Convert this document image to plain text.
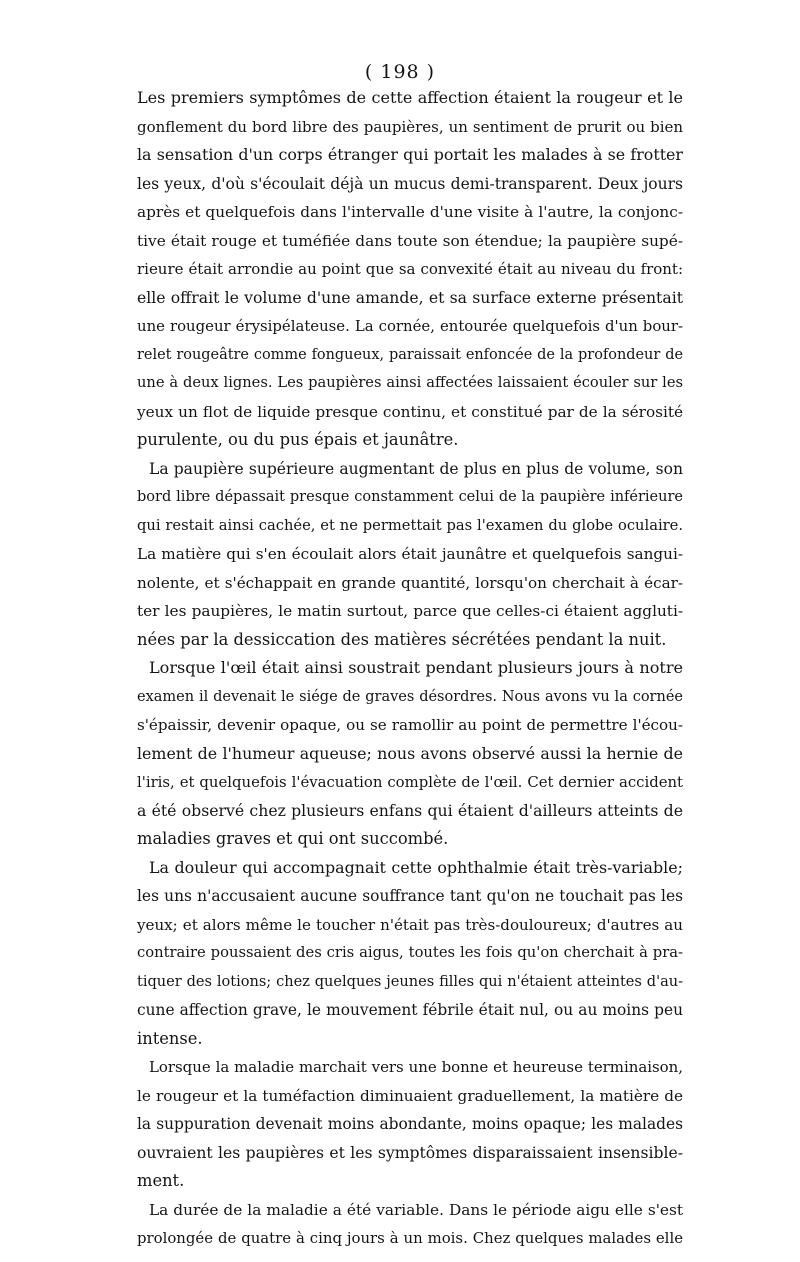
( 198 )
Les premiers symptômes de cette affection étaient la rougeur et le
gonflement du bord libre des paupières, un sentiment de prurit ou bien
la sensation d'un corps étranger qui portait les malades à se frotter
les yeux, d'où s'écoulait déjà un mucus demi-transparent. Deux jours
après et quelquefois dans l'intervalle d'une visite à l'autre, la conjonc-
tive était rouge et tuméfiée dans toute son étendue; la paupière supé-
rieure était arrondie au point que sa convexité était au niveau du front:
elle offrait le volume d'une amande, et sa surface externe présentait
une rougeur érysipélateuse. La cornée, entourée quelquefois d'un bour-
relet rougeâtre comme fongueux, paraissait enfoncée de la profondeur de
une à deux lignes. Les paupières ainsi affectées laissaient écouler sur les
yeux un flot de liquide presque continu, et constitué par de la sérosité
purulente, ou du pus épais et jaunâtre.
La paupière supérieure augmentant de plus en plus de volume, son
bord libre dépassait presque constamment celui de la paupière inférieure
qui restait ainsi cachée, et ne permettait pas l'examen du globe oculaire.
La matière qui s'en écoulait alors était jaunâtre et quelquefois sangui-
nolente, et s'échappait en grande quantité, lorsqu'on cherchait à écar-
ter les paupières, le matin surtout, parce que celles-ci étaient aggluti-
nées par la dessiccation des matières sécrétées pendant la nuit.
Lorsque l'œil était ainsi soustrait pendant plusieurs jours à notre
examen il devenait le siége de graves désordres. Nous avons vu la cornée
s'épaissir, devenir opaque, ou se ramollir au point de permettre l'écou-
lement de l'humeur aqueuse; nous avons observé aussi la hernie de
l'iris, et quelquefois l'évacuation complète de l'œil. Cet dernier accident
a été observé chez plusieurs enfans qui étaient d'ailleurs atteints de
maladies graves et qui ont succombé.
La douleur qui accompagnait cette ophthalmie était très-variable;
les uns n'accusaient aucune souffrance tant qu'on ne touchait pas les
yeux; et alors même le toucher n'était pas très-douloureux; d'autres au
contraire poussaient des cris aigus, toutes les fois qu'on cherchait à pra-
tiquer des lotions; chez quelques jeunes filles qui n'étaient atteintes d'au-
cune affection grave, le mouvement fébrile était nul, ou au moins peu
intense.
Lorsque la maladie marchait vers une bonne et heureuse terminaison,
le rougeur et la tuméfaction diminuaient graduellement, la matière de
la suppuration devenait moins abondante, moins opaque; les malades
ouvraient les paupières et les symptômes disparaissaient insensible-
ment.
La durée de la maladie a été variable. Dans le période aigu elle s'est
prolongée de quatre à cinq jours à un mois. Chez quelques malades elle
